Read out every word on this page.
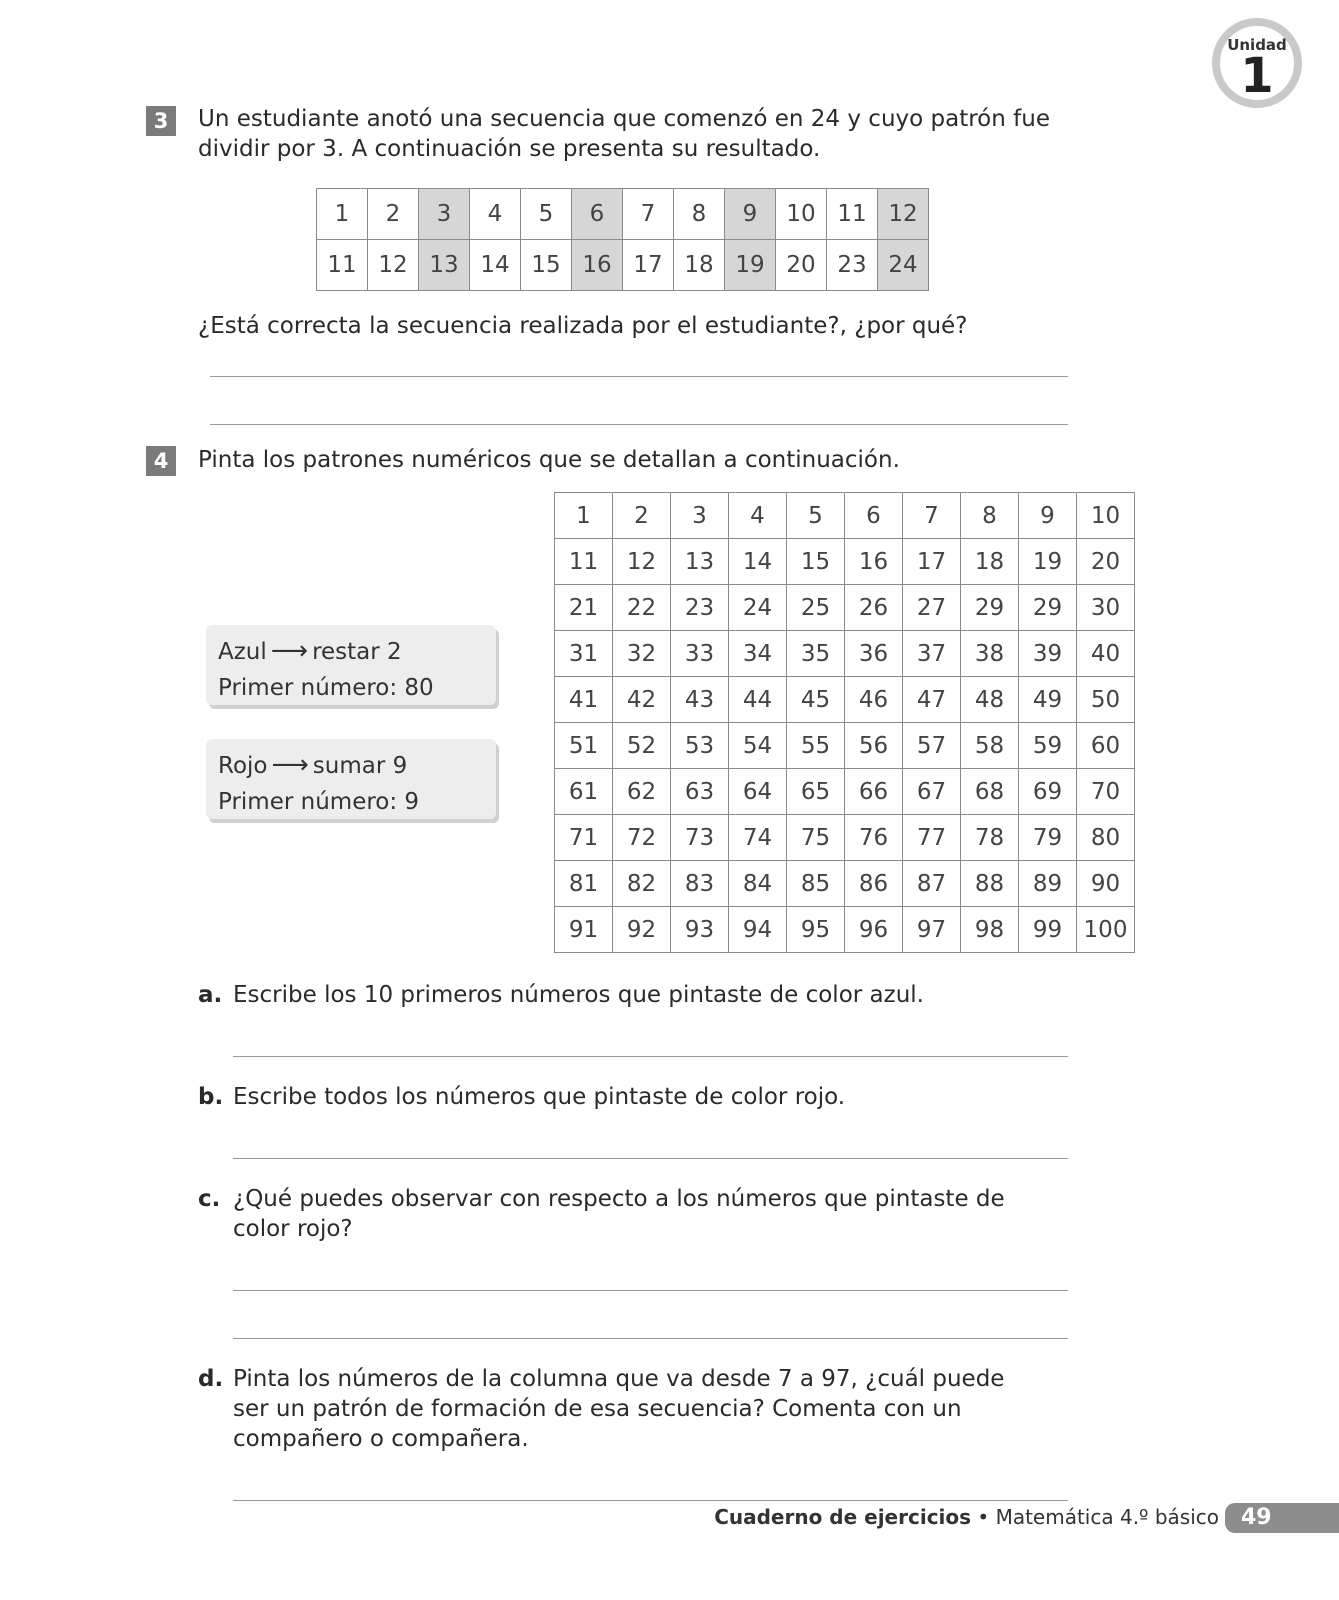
Unidad
1
3	Un estudiante anotó una secuencia que comenzó en 24 y cuyo patrón fue
dividir por 3. A continuación se presenta su resultado.
1	2	3	4	5	6	7	8	9	10	11	12
11	12	13	14	15	16	17	18	19	20	23	24
¿Está correcta la secuencia realizada por el estudiante?, ¿por qué?
4	Pinta los patrones numéricos que se detallan a continuación.
Azul ⟶ restar 2
Primer número: 80
Rojo ⟶ sumar 9
Primer número: 9
1	2	3	4	5	6	7	8	9	10
11	12	13	14	15	16	17	18	19	20
21	22	23	24	25	26	27	29	29	30
31	32	33	34	35	36	37	38	39	40
41	42	43	44	45	46	47	48	49	50
51	52	53	54	55	56	57	58	59	60
61	62	63	64	65	66	67	68	69	70
71	72	73	74	75	76	77	78	79	80
81	82	83	84	85	86	87	88	89	90
91	92	93	94	95	96	97	98	99	100
a. Escribe los 10 primeros números que pintaste de color azul.
b. Escribe todos los números que pintaste de color rojo.
c. ¿Qué puedes observar con respecto a los números que pintaste de
color rojo?
d. Pinta los números de la columna que va desde 7 a 97, ¿cuál puede
ser un patrón de formación de esa secuencia? Comenta con un
compañero o compañera.
Cuaderno de ejercicios • Matemática 4.º básico	49
